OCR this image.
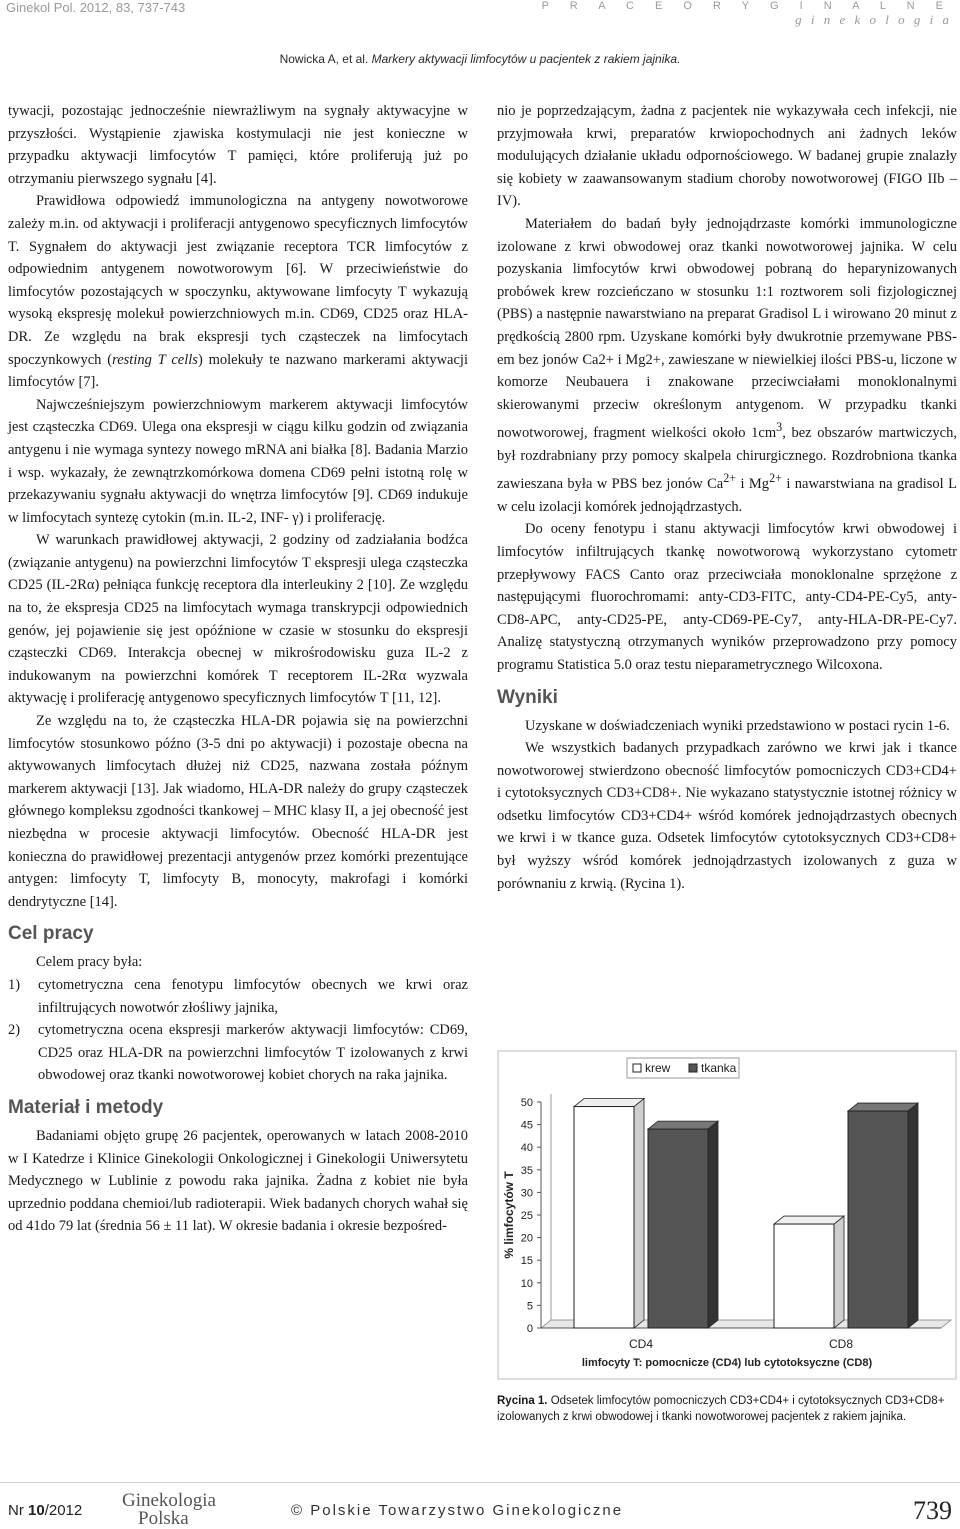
Ginekol Pol. 2012, 83, 737-743	P R A C E O R Y G I N A L N E
g i n e k o l o g i a
Nowicka A, et al. Markery aktywacji limfocytów u pacjentek z rakiem jajnika.

tywacji, pozostając jednocześnie niewrażliwym na sygnały aktywacyjne w przyszłości. Wystąpienie zjawiska kostymulacji nie jest konieczne w przypadku aktywacji limfocytów T pamięci, które proliferują już po otrzymaniu pierwszego sygnału [4].

Prawidłowa odpowiedź immunologiczna na antygeny nowotworowe zależy m.in. od aktywacji i proliferacji antygenowo specyficznych limfocytów T. Sygnałem do aktywacji jest związanie receptora TCR limfocytów z odpowiednim antygenem nowotworowym [6]. W przeciwieństwie do limfocytów pozostających w spoczynku, aktywowane limfocyty T wykazują wysoką ekspresję molekuł powierzchniowych m.in. CD69, CD25 oraz HLA-DR. Ze względu na brak ekspresji tych cząsteczek na limfocytach spoczynkowych (resting T cells) molekuły te nazwano markerami aktywacji limfocytów [7].

Najwcześniejszym powierzchniowym markerem aktywacji limfocytów jest cząsteczka CD69. Ulega ona ekspresji w ciągu kilku godzin od związania antygenu i nie wymaga syntezy nowego mRNA ani białka [8]. Badania Marzio i wsp. wykazały, że zewnątrzkomórkowa domena CD69 pełni istotną rolę w przekazywaniu sygnału aktywacji do wnętrza limfocytów [9]. CD69 indukuje w limfocytach syntezę cytokin (m.in. IL-2, INF- γ) i proliferację.

W warunkach prawidłowej aktywacji, 2 godziny od zadziałania bodźca (związanie antygenu) na powierzchni limfocytów T ekspresji ulega cząsteczka CD25 (IL-2Rα) pełniąca funkcję receptora dla interleukiny 2 [10]. Ze względu na to, że ekspresja CD25 na limfocytach wymaga transkrypcji odpowiednich genów, jej pojawienie się jest opóźnione w czasie w stosunku do ekspresji cząsteczki CD69. Interakcja obecnej w mikrośrodowisku guza IL-2 z indukowanym na powierzchni komórek T receptorem IL-2Rα wyzwala aktywację i proliferację antygenowo specyficznych limfocytów T [11, 12].

Ze względu na to, że cząsteczka HLA-DR pojawia się na powierzchni limfocytów stosunkowo późno (3-5 dni po aktywacji) i pozostaje obecna na aktywowanych limfocytach dłużej niż CD25, nazwana została późnym markerem aktywacji [13]. Jak wiadomo, HLA-DR należy do grupy cząsteczek głównego kompleksu zgodności tkankowej – MHC klasy II, a jej obecność jest niezbędna w procesie aktywacji limfocytów. Obecność HLA-DR jest konieczna do prawidłowej prezentacji antygenów przez komórki prezentujące antygen: limfocyty T, limfocyty B, monocyty, makrofagi i komórki dendrytyczne [14].

Cel pracy

Celem pracy była:

1)	cytometryczna cena fenotypu limfocytów obecnych we krwi oraz infiltrujących nowotwór złośliwy jajnika,
2)	cytometryczna ocena ekspresji markerów aktywacji limfocytów: CD69, CD25 oraz HLA-DR na powierzchni limfocytów T izolowanych z krwi obwodowej oraz tkanki nowotworowej kobiet chorych na raka jajnika.
Materiał i metody

Badaniami objęto grupę 26 pacjentek, operowanych w latach 2008-2010 w I Katedrze i Klinice Ginekologii Onkologicznej i Ginekologii Uniwersytetu Medycznego w Lublinie z powodu raka jajnika. Żadna z kobiet nie była uprzednio poddana chemioi/lub radioterapii. Wiek badanych chorych wahał się od 41do 79 lat (średnia 56 ± 11 lat). W okresie badania i okresie bezpośred-

nio je poprzedzającym, żadna z pacjentek nie wykazywała cech infekcji, nie przyjmowała krwi, preparatów krwiopochodnych ani żadnych leków modulujących działanie układu odpornościowego. W badanej grupie znalazły się kobiety w zaawansowanym stadium choroby nowotworowej (FIGO IIb – IV).

Materiałem do badań były jednojądrzaste komórki immunologiczne izolowane z krwi obwodowej oraz tkanki nowotworowej jajnika. W celu pozyskania limfocytów krwi obwodowej pobraną do heparynizowanych probówek krew rozcieńczano w stosunku 1:1 roztworem soli fizjologicznej (PBS) a następnie nawarstwiano na preparat Gradisol L i wirowano 20 minut z prędkością 2800 rpm. Uzyskane komórki były dwukrotnie przemywane PBS-em bez jonów Ca2+ i Mg2+, zawieszane w niewielkiej ilości PBS-u, liczone w komorze Neubauera i znakowane przeciwciałami monoklonalnymi skierowanymi przeciw określonym antygenom. W przypadku tkanki nowotworowej, fragment wielkości około $1cm^3$, bez obszarów martwiczych, był rozdrabniany przy pomocy skalpela chirurgicznego. Rozdrobniona tkanka zawieszana była w PBS bez jonów $Ca^{2+}$ i $Mg^{2+}$ i nawarstwiana na gradisol L w celu izolacji komórek jednojądrzastych.

Do oceny fenotypu i stanu aktywacji limfocytów krwi obwodowej i limfocytów infiltrujących tkankę nowotworową wykorzystano cytometr przepływowy FACS Canto oraz przeciwciała monoklonalne sprzężone z następującymi fluorochromami: anty-CD3-FITC, anty-CD4-PE-Cy5, anty-CD8-APC, anty-CD25-PE, anty-CD69-PE-Cy7, anty-HLA-DR-PE-Cy7. Analizę statystyczną otrzymanych wyników przeprowadzono przy pomocy programu Statistica 5.0 oraz testu nieparametrycznego Wilcoxona.

Wyniki

Uzyskane w doświadczeniach wyniki przedstawiono w postaci rycin 1-6.

We wszystkich badanych przypadkach zarówno we krwi jak i tkance nowotworowej stwierdzono obecność limfocytów pomocniczych CD3+CD4+ i cytotoksycznych CD3+CD8+. Nie wykazano statystycznie istotnej różnicy w odsetku limfocytów CD3+CD4+ wśród komórek jednojądrzastych obecnych we krwi i w tkance guza. Odsetek limfocytów cytotoksycznych CD3+CD8+ był wyższy wśród komórek jednojądrzastych izolowanych z guza w porównaniu z krwią. (Rycina 1).

0
5
10
15
20
25
30
35
40
45
50
% limfocytów T
CD4	CD8
limfocyty T: pomocnicze (CD4) lub cytotoksyczne (CD8)
krew	tkanka
Rycina 1. Odsetek limfocytów pomocniczych CD3+CD4+ i cytotoksycznych CD3+CD8+ izolowanych z krwi obwodowej i tkanki nowotworowej pacjentek z rakiem jajnika.
Nr 10/2012 Ginekologia
Polska	© Polskie Towarzystwo Ginekologiczne	739
